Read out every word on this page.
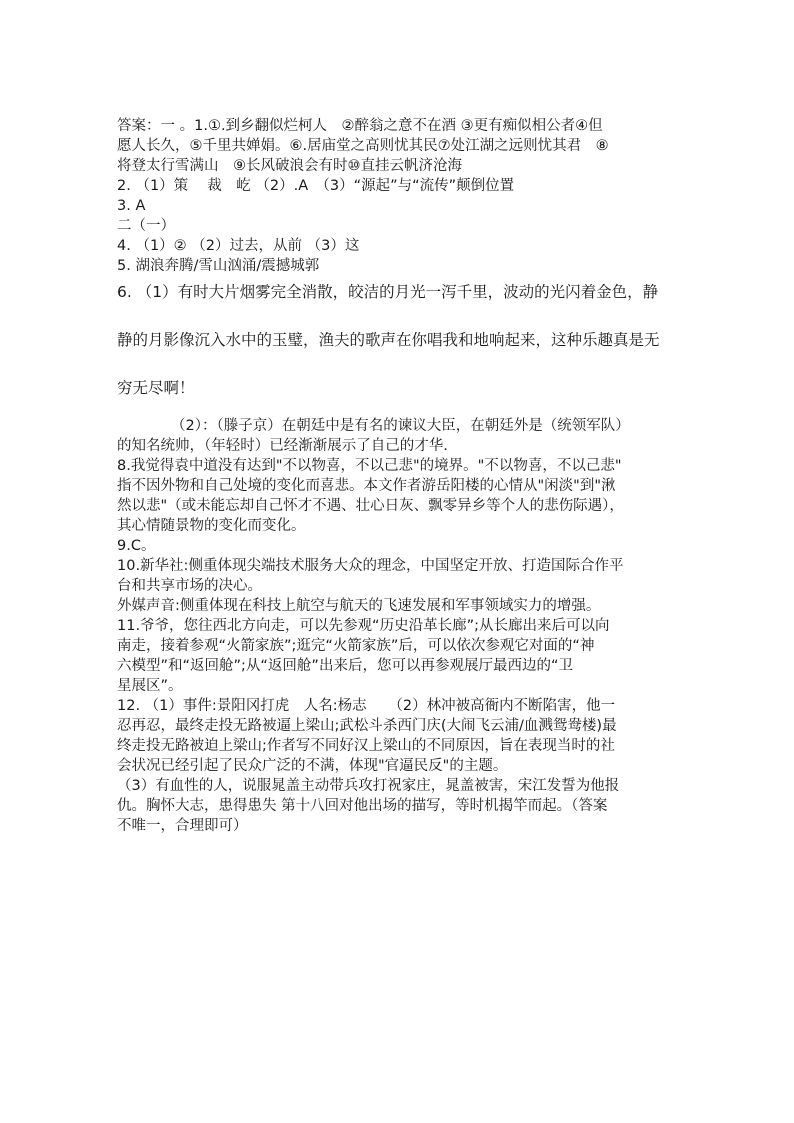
答案：一 。1.①.到乡翻似烂柯人　②醉翁之意不在酒 ③更有痴似相公者④但

愿人长久，⑤千里共婵娟。⑥.居庙堂之高则忧其民⑦处江湖之远则忧其君　⑧

将登太行雪满山　⑨长风破浪会有时⑩直挂云帆济沧海

2. （1）策　 裁　屹 （2）.A　（3）“源起”与“流传”颠倒位置

3. A

二（一）

4. （1）② （2）过去，从前 （3）这

5. 湖浪奔腾/雪山汹涌/震撼城郭

6. （1）有时大片烟雾完全消散，皎洁的月光一泻千里，波动的光闪着金色，静

静的月影像沉入水中的玉璧，渔夫的歌声在你唱我和地响起来，这种乐趣真是无

穷无尽啊！

（2）：（滕子京）在朝廷中是有名的谏议大臣，在朝廷外是（统领军队）

的知名统帅，（年轻时）已经渐渐展示了自己的才华.

8.我觉得袁中道没有达到"不以物喜，不以己悲"的境界。"不以物喜，不以己悲"

指不因外物和自己处境的变化而喜悲。本文作者游岳阳楼的心情从"闲淡"到"湫

然以悲"（或未能忘却自己怀才不遇、壮心日灰、飘零异乡等个人的悲伤际遇），

其心情随景物的变化而变化。

9.C。

10.新华社:侧重体现尖端技术服务大众的理念，中国坚定开放、打造国际合作平

台和共享市场的决心。

外媒声音:侧重体现在科技上航空与航天的飞速发展和军事领域实力的增强。

11.爷爷，您往西北方向走，可以先参观“历史沿革长廊”;从长廊出来后可以向

南走，接着参观“火箭家族”;逛完“火箭家族”后，可以依次参观它对面的“神

六模型”和“返回舱”;从“返回舱”出来后，您可以再参观展厅最西边的“卫

星展区”。

12. （1）事件:景阳冈打虎　人名:杨志　　（2）林冲被高衙内不断陷害，他一

忍再忍，最终走投无路被逼上梁山;武松斗杀西门庆(大闹飞云浦/血溅鸳鸯楼)最

终走投无路被迫上梁山;作者写不同好汉上梁山的不同原因，旨在表现当时的社

会状况已经引起了民众广泛的不满，体现"官逼民反"的主题。

（3）有血性的人，说服晁盖主动带兵攻打祝家庄，晁盖被害，宋江发誓为他报

仇。胸怀大志，患得患失 第十八回对他出场的描写，等时机揭竿而起。（答案

不唯一，合理即可）
